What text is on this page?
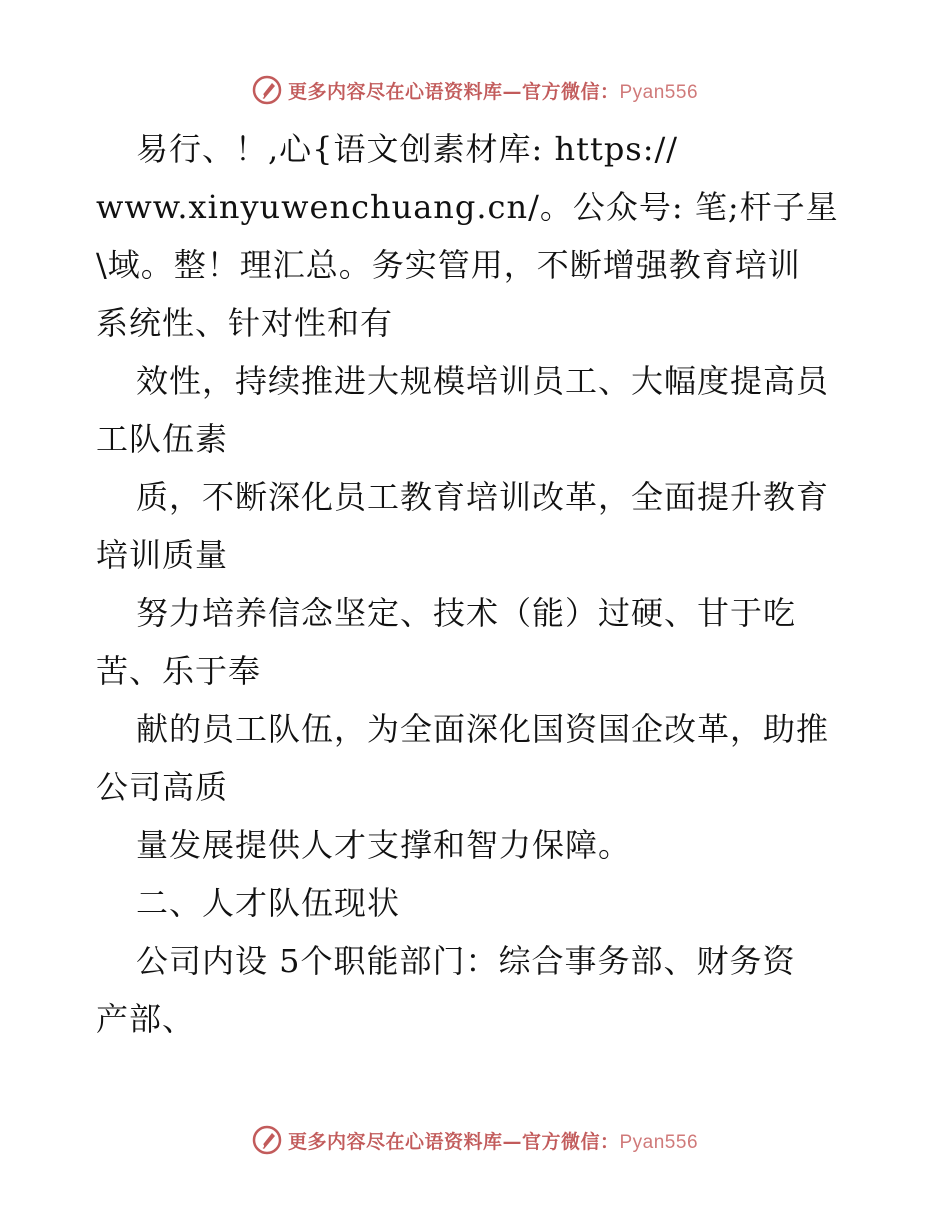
更多内容尽在心语资料库—官方微信：Pyan556
易行、！,心{语文创素材库: https://
www.xinyuwenchuang.cn/。公众号: 笔;杆子星
\域。整！理汇总。务实管用，不断增强教育培训
系统性、针对性和有
效性，持续推进大规模培训员工、大幅度提高员
工队伍素
质，不断深化员工教育培训改革，全面提升教育
培训质量
努力培养信念坚定、技术（能）过硬、甘于吃
苦、乐于奉
献的员工队伍，为全面深化国资国企改革，助推
公司高质
量发展提供人才支撑和智力保障。
二、人才队伍现状
公司内设 5个职能部门：综合事务部、财务资
产部、
更多内容尽在心语资料库—官方微信：Pyan556
